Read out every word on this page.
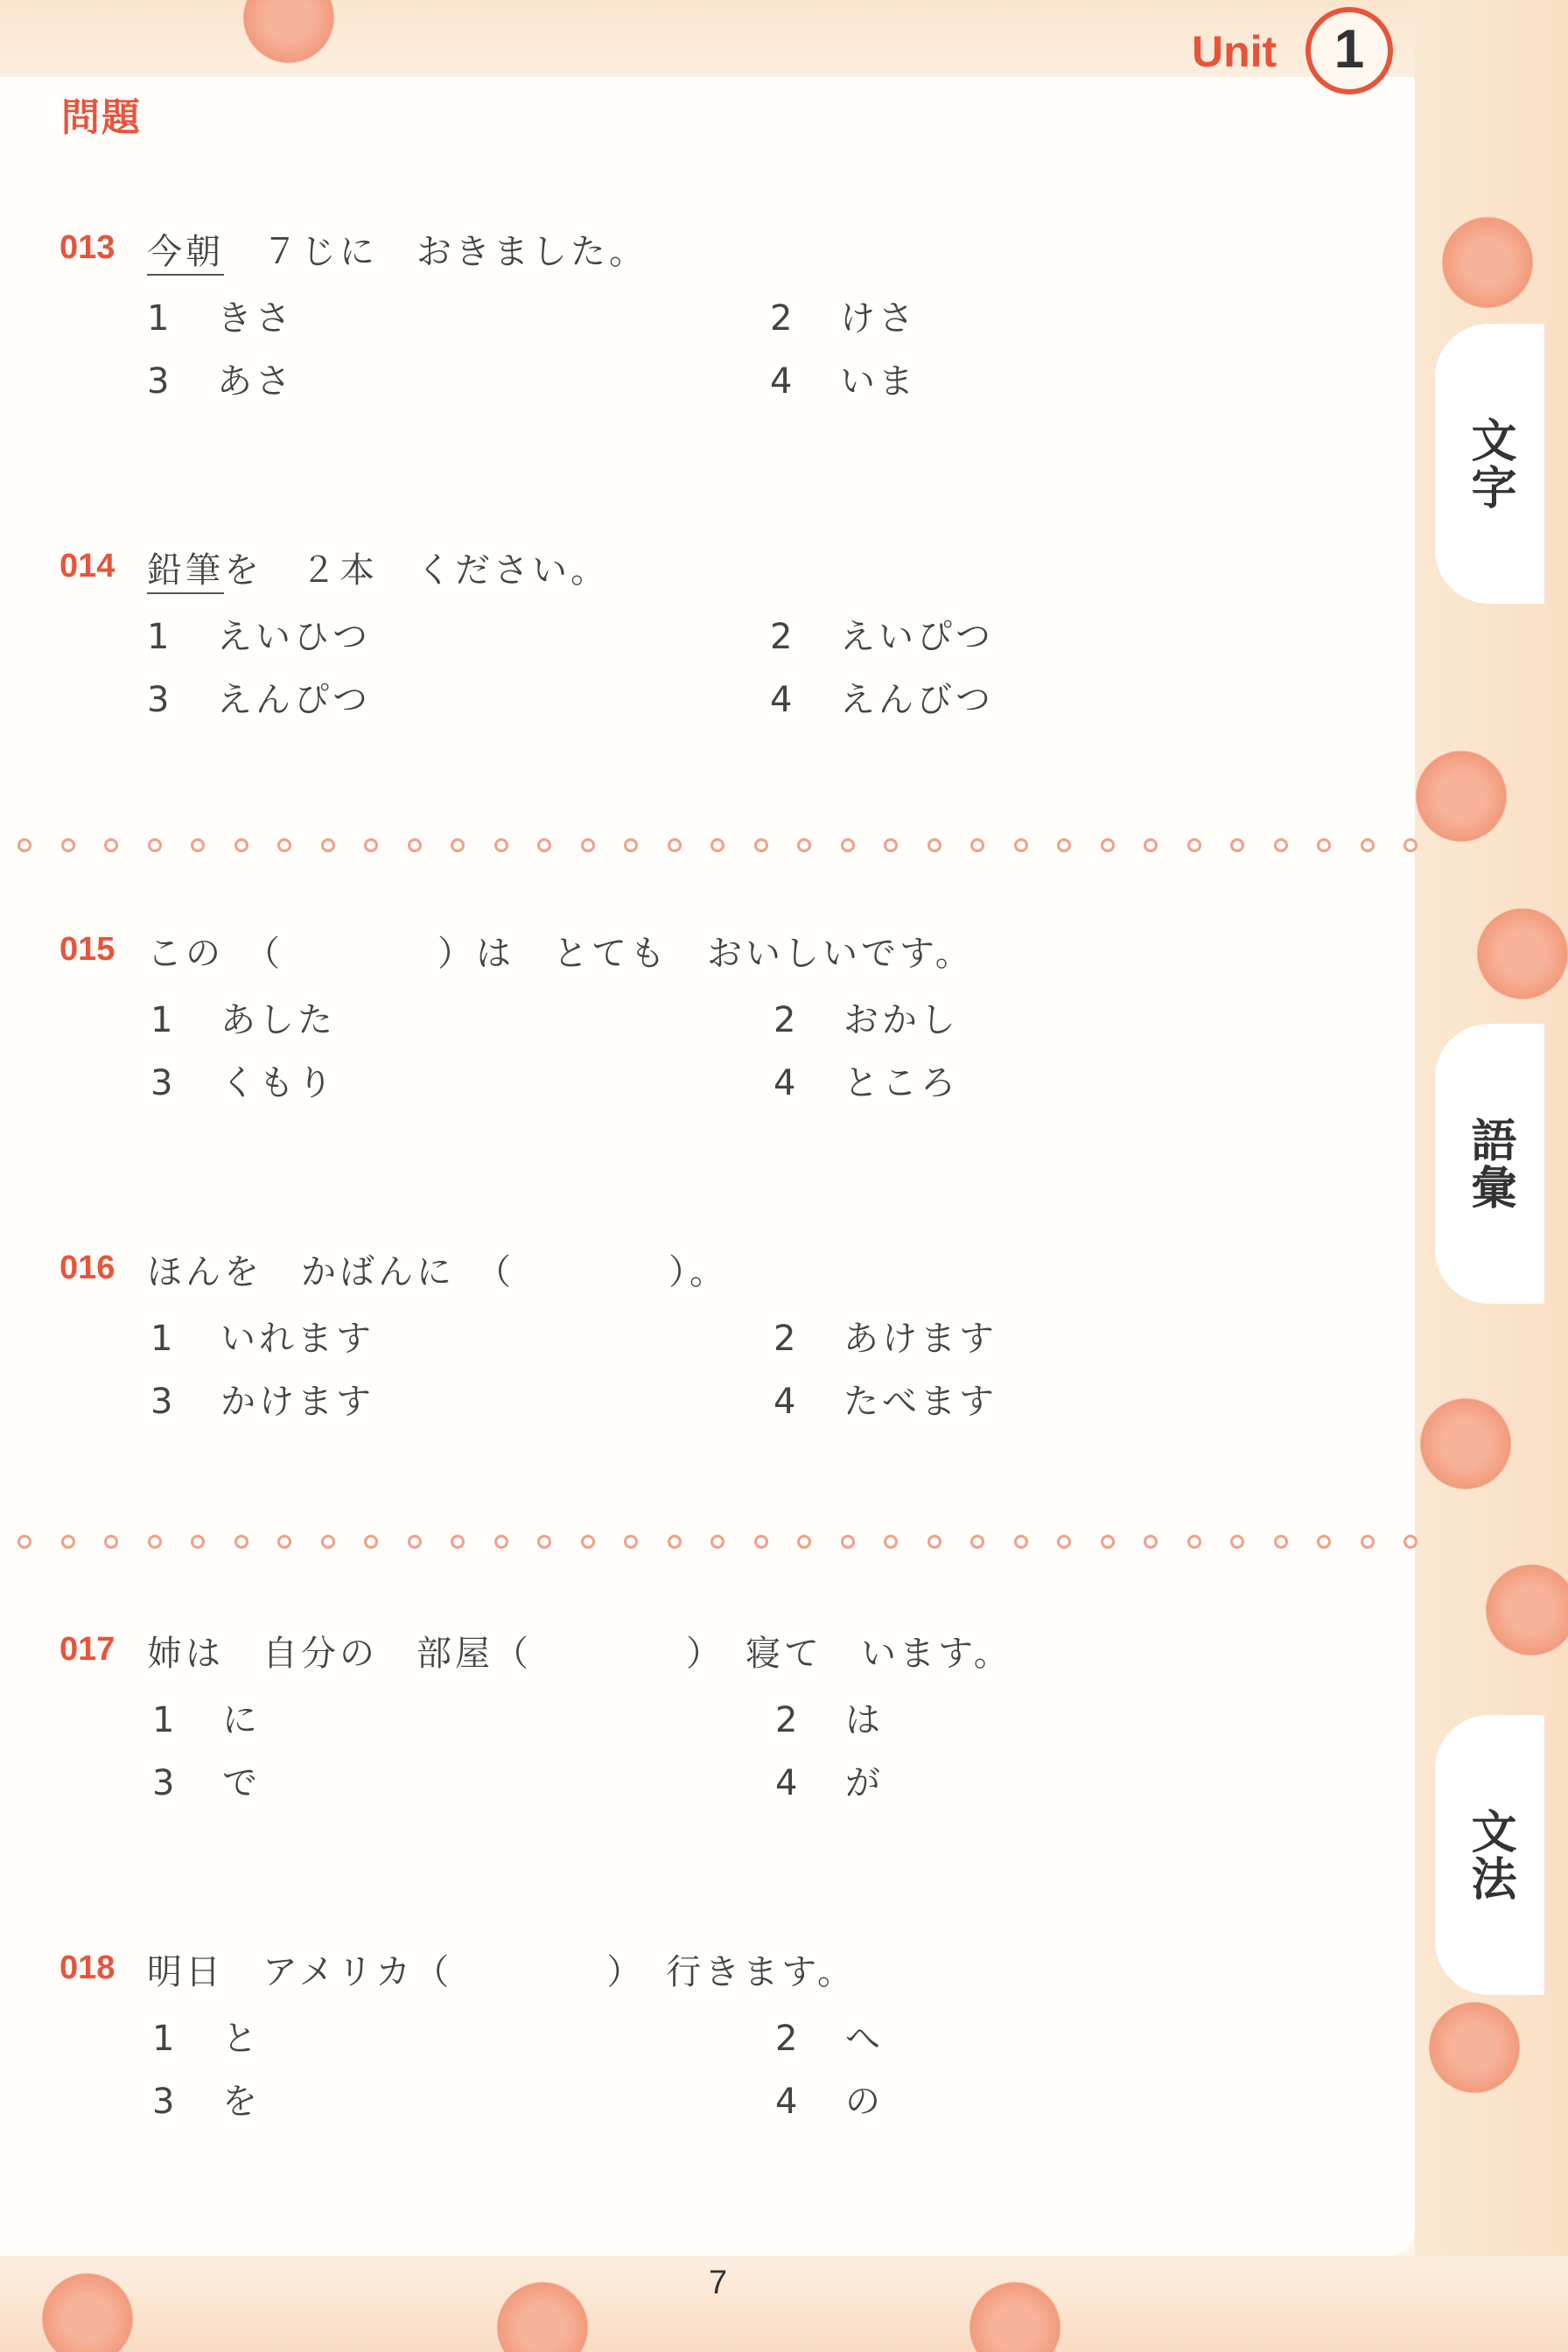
Unit	1
問題
文字
語彙
文法
013 今朝　７じに　おきました。
1 きさ	2 けさ
3 あさ	4 いま
014 鉛筆を　２本　ください。
1 えいひつ	2 えいぴつ
3 えんぴつ	4 えんびつ
015 この　（　　　　）は　とても　おいしいです。
1 あした	2 おかし
3 くもり	4 ところ
016 ほんを　かばんに　（　　　　）。
1 いれます	2 あけます
3 かけます	4 たべます
017 姉は　自分の　部屋（　　　　）　寝て　います。
1 に	2 は
3 で	4 が
018 明日　アメリカ（　　　　）　行きます。
1 と	2 へ
3 を	4 の
7
